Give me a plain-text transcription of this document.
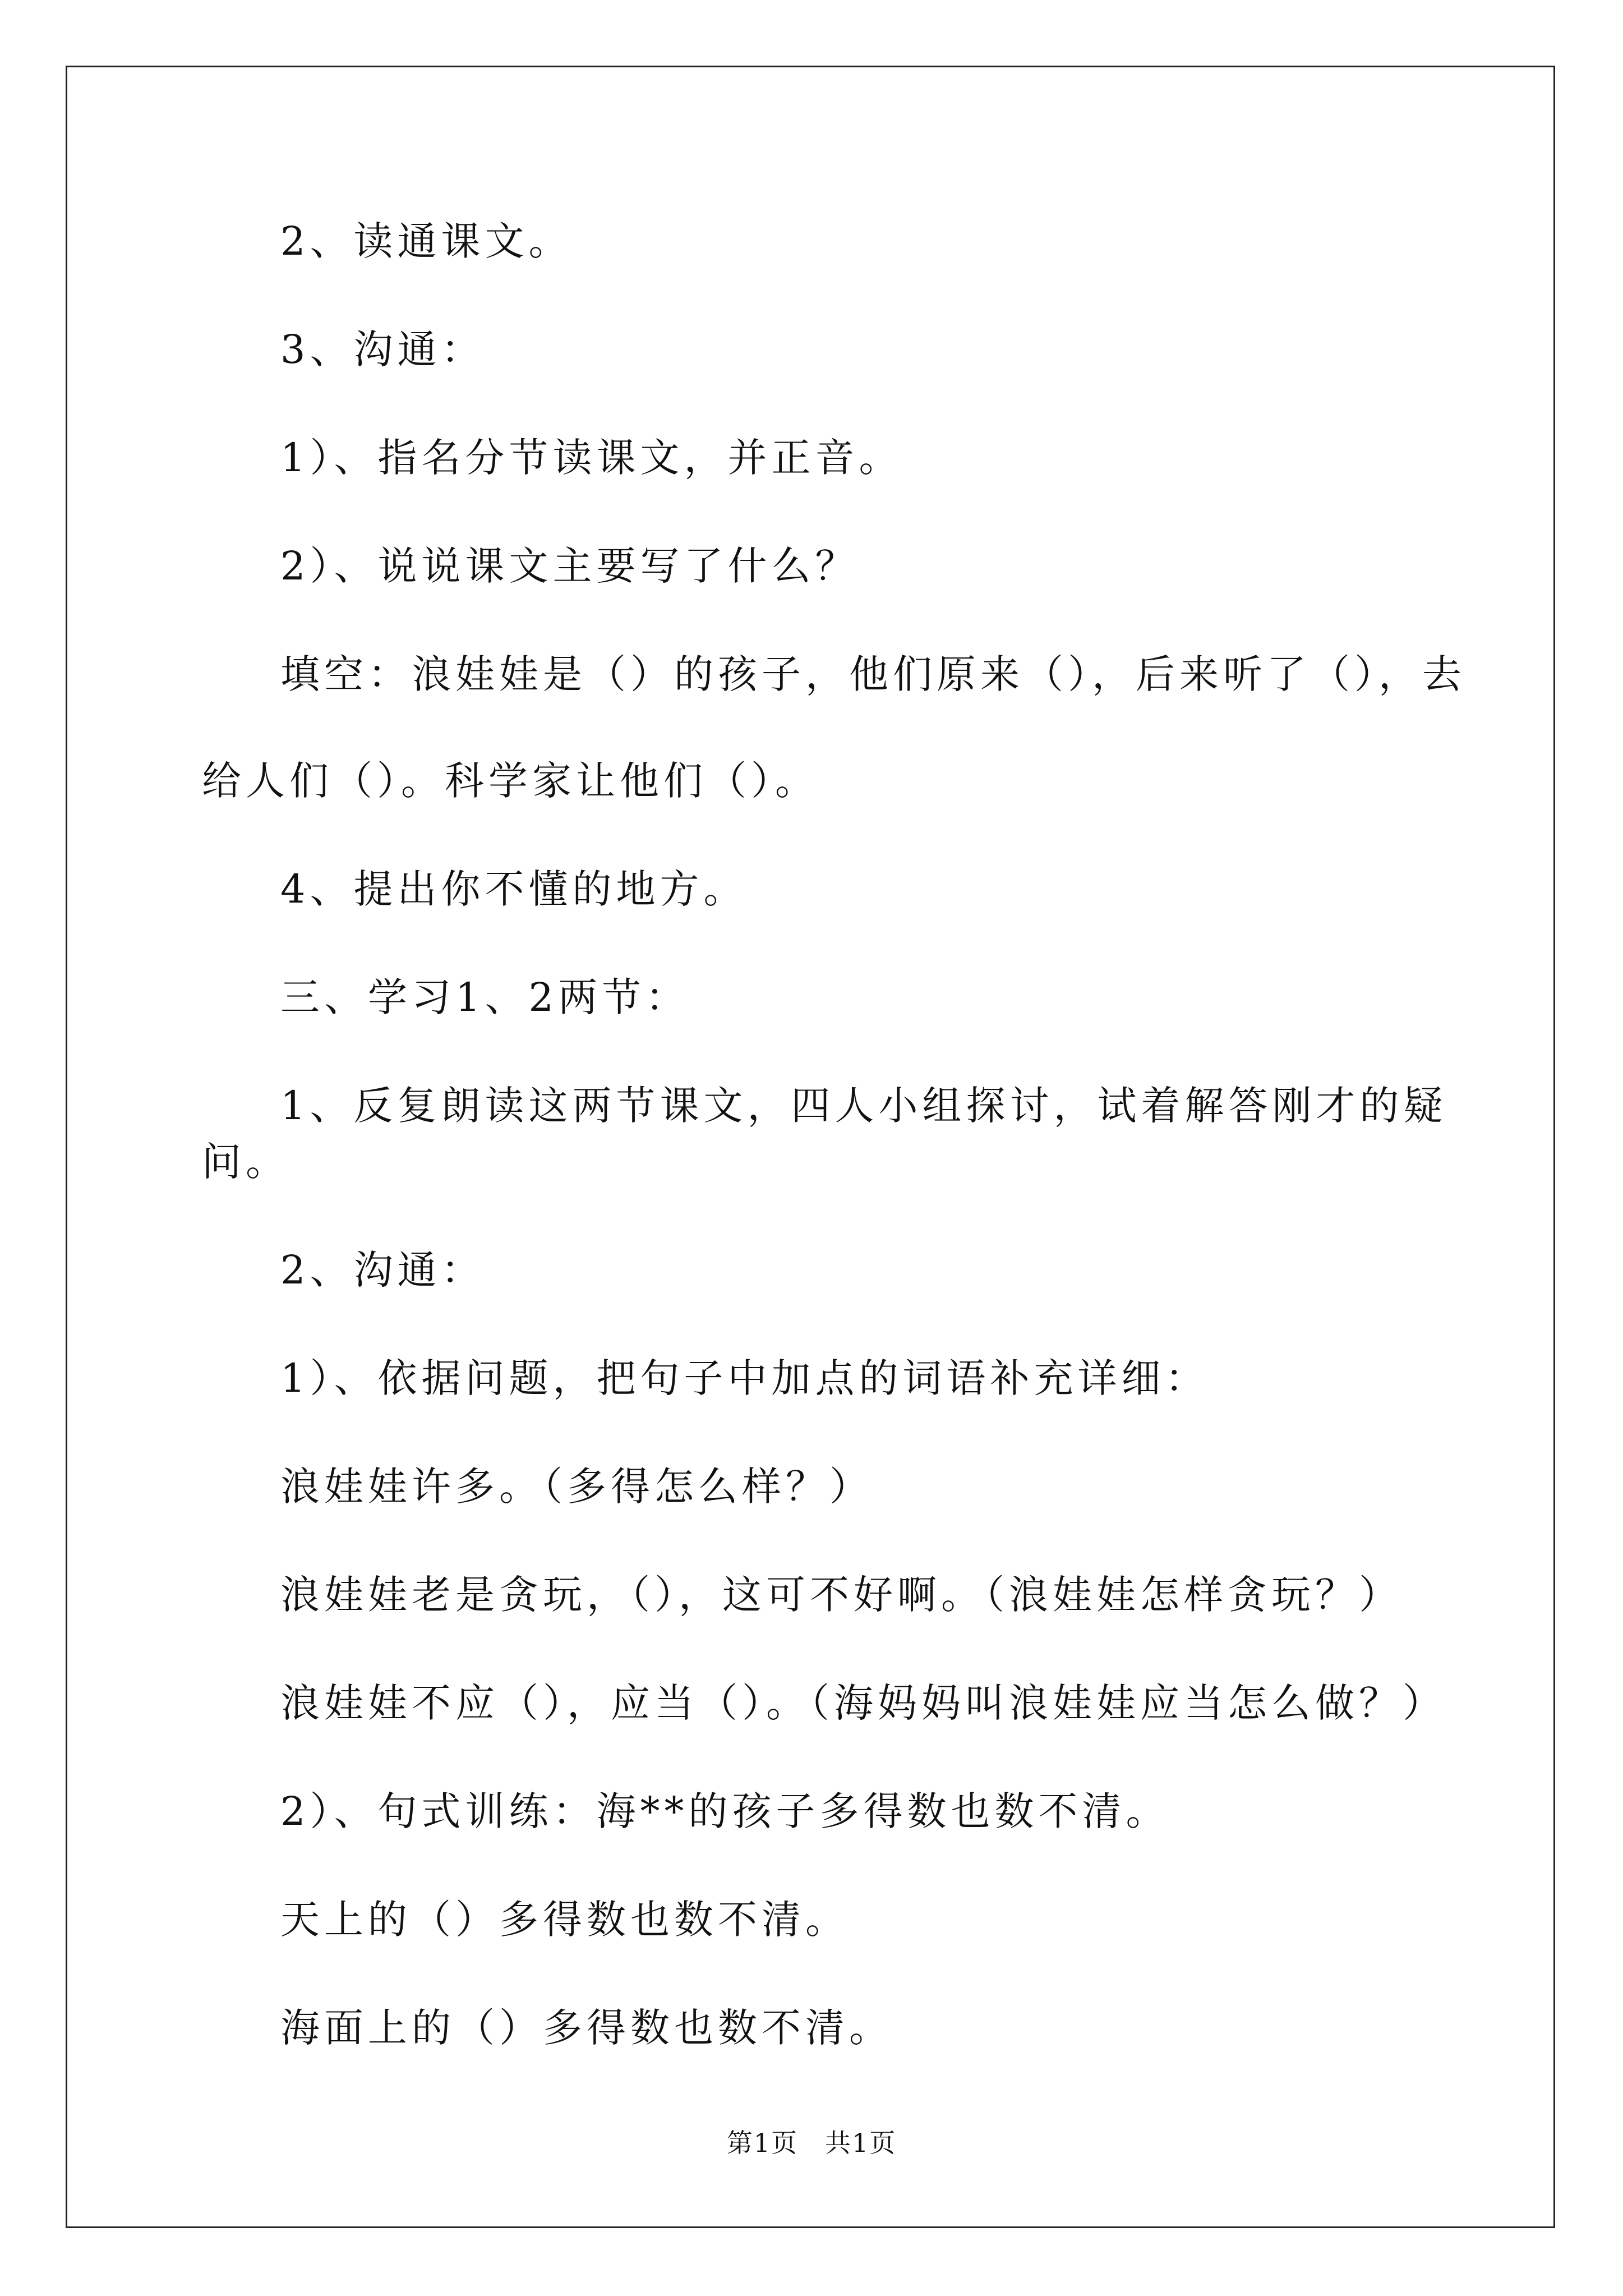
2、读通课文。

3、沟通：

1）、指名分节读课文，并正音。

2）、说说课文主要写了什么？

填空：浪娃娃是（）的孩子，他们原来（），后来听了（），去给人们（）。科学家让他们（）。

4、提出你不懂的地方。

三、学习1、2两节：

1、反复朗读这两节课文，四人小组探讨，试着解答刚才的疑问。

2、沟通：

1）、依据问题，把句子中加点的词语补充详细：

浪娃娃许多。（多得怎么样？）

浪娃娃老是贪玩，（），这可不好啊。（浪娃娃怎样贪玩？）

浪娃娃不应（），应当（）。（海妈妈叫浪娃娃应当怎么做？）

2）、句式训练：海**的孩子多得数也数不清。

天上的（）多得数也数不清。

海面上的（）多得数也数不清。

第1页　共1页
